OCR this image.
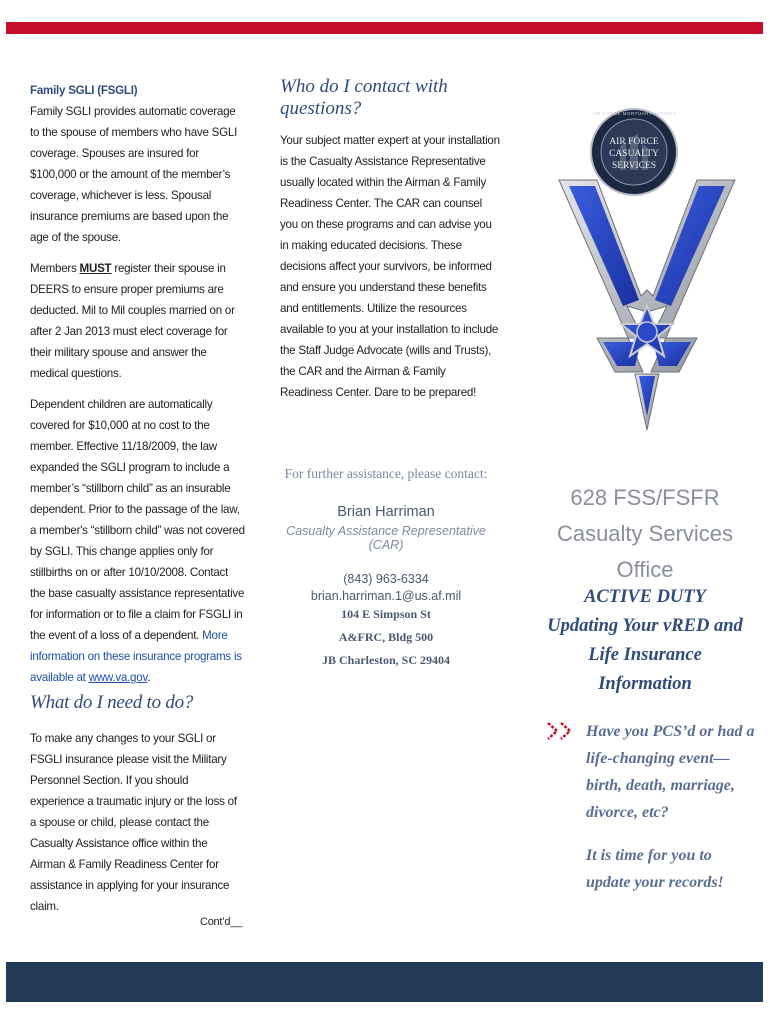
Family SGLI (FSGLI)

Family SGLI provides automatic coverage to the spouse of members who have SGLI coverage. Spouses are insured for $100,000 or the amount of the member’s coverage, whichever is less. Spousal insurance premiums are based upon the age of the spouse.

Members MUST register their spouse in DEERS to ensure proper premiums are deducted. Mil to Mil couples married on or after 2 Jan 2013 must elect coverage for their military spouse and answer the medical questions.

Dependent children are automatically covered for $10,000 at no cost to the member. Effective 11/18/2009, the law expanded the SGLI program to include a member’s “stillborn child” as an insurable dependent. Prior to the passage of the law, a member's “stillborn child” was not covered by SGLI. This change applies only for stillbirths on or after 10/10/2008. Contact the base casualty assistance representative for information or to file a claim for FSGLI in the event of a loss of a dependent. More information on these insurance programs is available at www.va.gov.

What do I need to do?

To make any changes to your SGLI or FSGLI insurance please visit the Military Personnel Section. If you should experience a traumatic injury or the loss of a spouse or child, please contact the Casualty Assistance office within the Airman & Family Readiness Center for assistance in applying for your insurance claim.

Cont’d__
Who do I contact with questions?

Your subject matter expert at your installation is the Casualty Assistance Representative usually located within the Airman & Family Readiness Center. The CAR can counsel you on these programs and can advise you in making educated decisions. These decisions affect your survivors, be informed and ensure you understand these benefits and entitlements. Utilize the resources available to you at your installation to include the Staff Judge Advocate (wills and Trusts), the CAR and the Airman & Family Readiness Center. Dare to be prepared!

For further assistance, please contact:
Brian Harriman
Casualty Assistance Representative (CAR)
(843) 963-6334
brian.harriman.1@us.af.mil
104 E Simpson St
A&FRC, Bldg 500
JB Charleston, SC 29404
AIR FORCE MORTUARY AFFAIRS
AIR FORCE
CASUALTY
SERVICES
628 FSS/FSFR
Casualty Services Office
ACTIVE DUTY
Updating Your vRED and
Life Insurance Information

Have you PCS’d or had a life-changing event—birth, death, marriage, divorce, etc?

It is time for you to update your records!
